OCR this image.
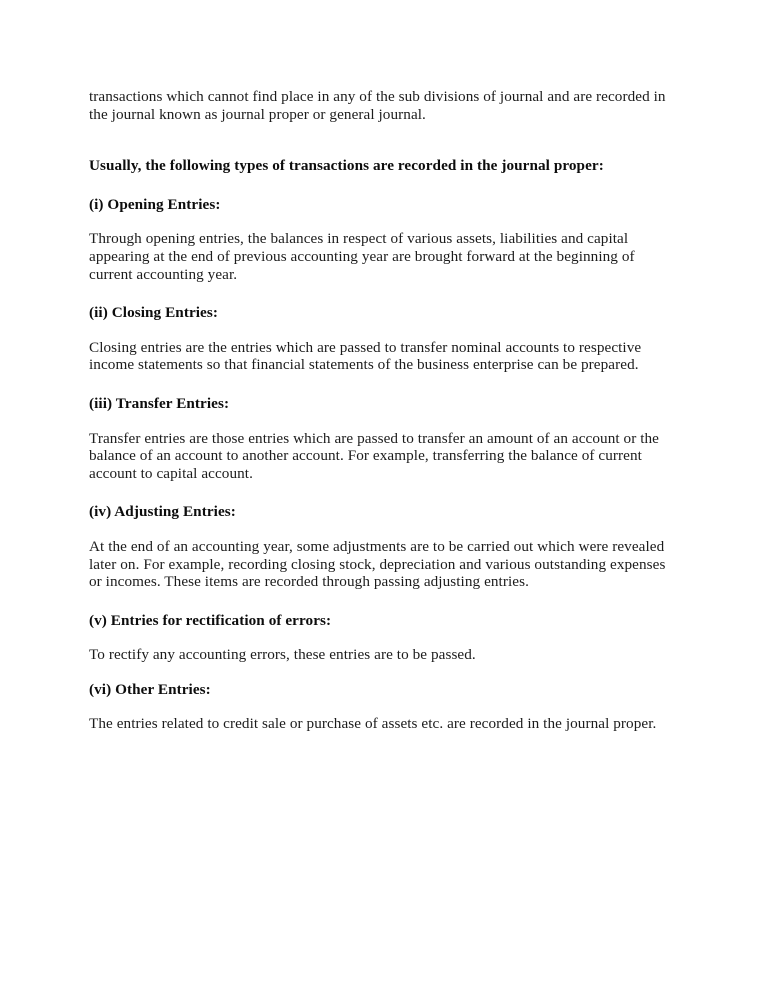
transactions which cannot find place in any of the sub divisions of journal and are recorded in the journal known as journal proper or general journal.

Usually, the following types of transactions are recorded in the journal proper:

(i) Opening Entries:

Through opening entries, the balances in respect of various assets, liabilities and capital appearing at the end of previous accounting year are brought forward at the beginning of current accounting year.

(ii) Closing Entries:

Closing entries are the entries which are passed to transfer nominal accounts to respective income statements so that financial statements of the business enterprise can be prepared.

(iii) Transfer Entries:

Transfer entries are those entries which are passed to transfer an amount of an account or the balance of an account to another account. For example, transferring the balance of current account to capital account.

(iv) Adjusting Entries:

At the end of an accounting year, some adjustments are to be carried out which were revealed later on. For example, recording closing stock, depreciation and various outstanding expenses or incomes. These items are recorded through passing adjusting entries.

(v) Entries for rectification of errors:

To rectify any accounting errors, these entries are to be passed.

(vi) Other Entries:

The entries related to credit sale or purchase of assets etc. are recorded in the journal proper.
